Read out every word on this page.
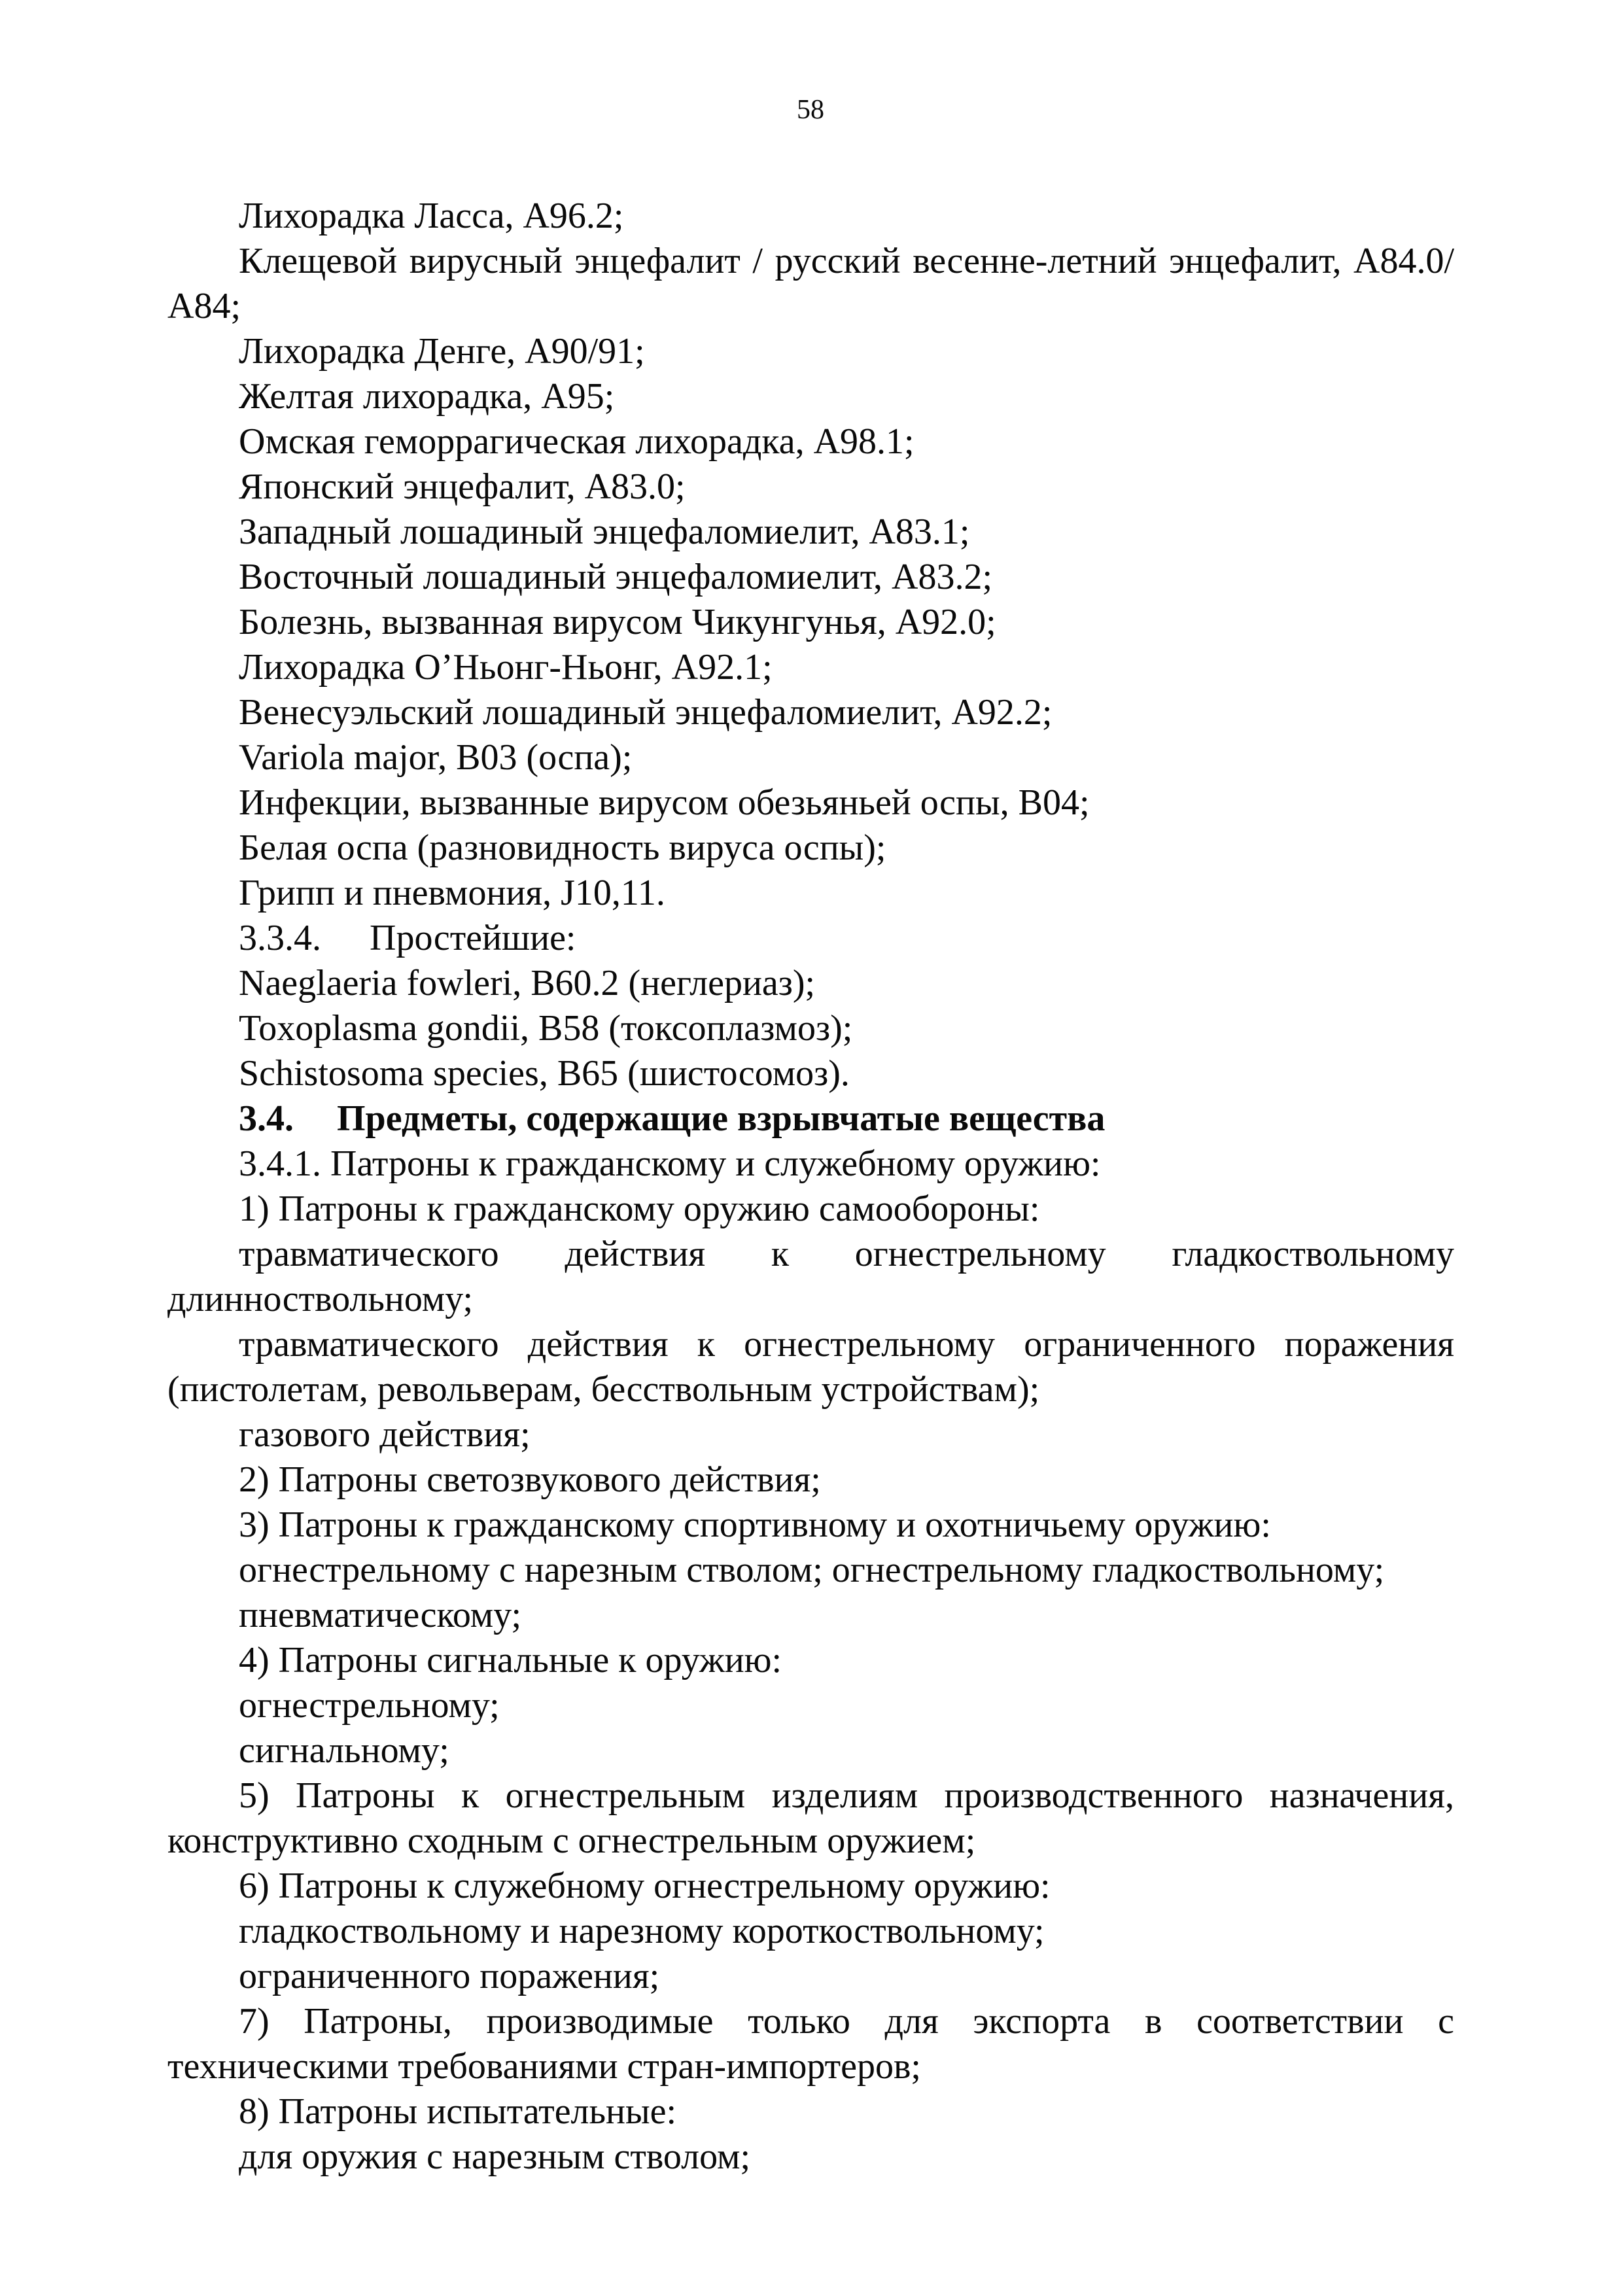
58

Лихорадка Ласса, А96.2;

Клещевой вирусный энцефалит / русский весенне-летний энцефалит, А84.0/ А84;

Лихорадка Денге, А90/91;

Желтая лихорадка, А95;

Омская геморрагическая лихорадка, А98.1;

Японский энцефалит, А83.0;

Западный лошадиный энцефаломиелит, А83.1;

Восточный лошадиный энцефаломиелит, А83.2;

Болезнь, вызванная вирусом Чикунгунья, А92.0;

Лихорадка О’Ньонг-Ньонг, А92.1;

Венесуэльский лошадиный энцефаломиелит, А92.2;

Variola major, В03 (оспа);

Инфекции, вызванные вирусом обезьяньей оспы, В04;

Белая оспа (разновидность вируса оспы);

Грипп и пневмония, J10,11.

3.3.4. Простейшие:

Naeglaeria fowleri, В60.2 (неглериаз);

Toxoplasma gondii, В58 (токсоплазмоз);

Schistosoma species, В65 (шистосомоз).

3.4. Предметы, содержащие взрывчатые вещества

3.4.1. Патроны к гражданскому и служебному оружию:

1) Патроны к гражданскому оружию самообороны:

травматического действия к огнестрельному гладкоствольному длинноствольному;

травматического действия к огнестрельному ограниченного поражения (пистолетам, револьверам, бесствольным устройствам);

газового действия;

2) Патроны светозвукового действия;

3) Патроны к гражданскому спортивному и охотничьему оружию:

огнестрельному с нарезным стволом; огнестрельному гладкоствольному;

пневматическому;

4) Патроны сигнальные к оружию:

огнестрельному;

сигнальному;

5) Патроны к огнестрельным изделиям производственного назначения, конструктивно сходным с огнестрельным оружием;

6) Патроны к служебному огнестрельному оружию:

гладкоствольному и нарезному короткоствольному;

ограниченного поражения;

7) Патроны, производимые только для экспорта в соответствии с техническими требованиями стран-импортеров;

8) Патроны испытательные:

для оружия с нарезным стволом;
